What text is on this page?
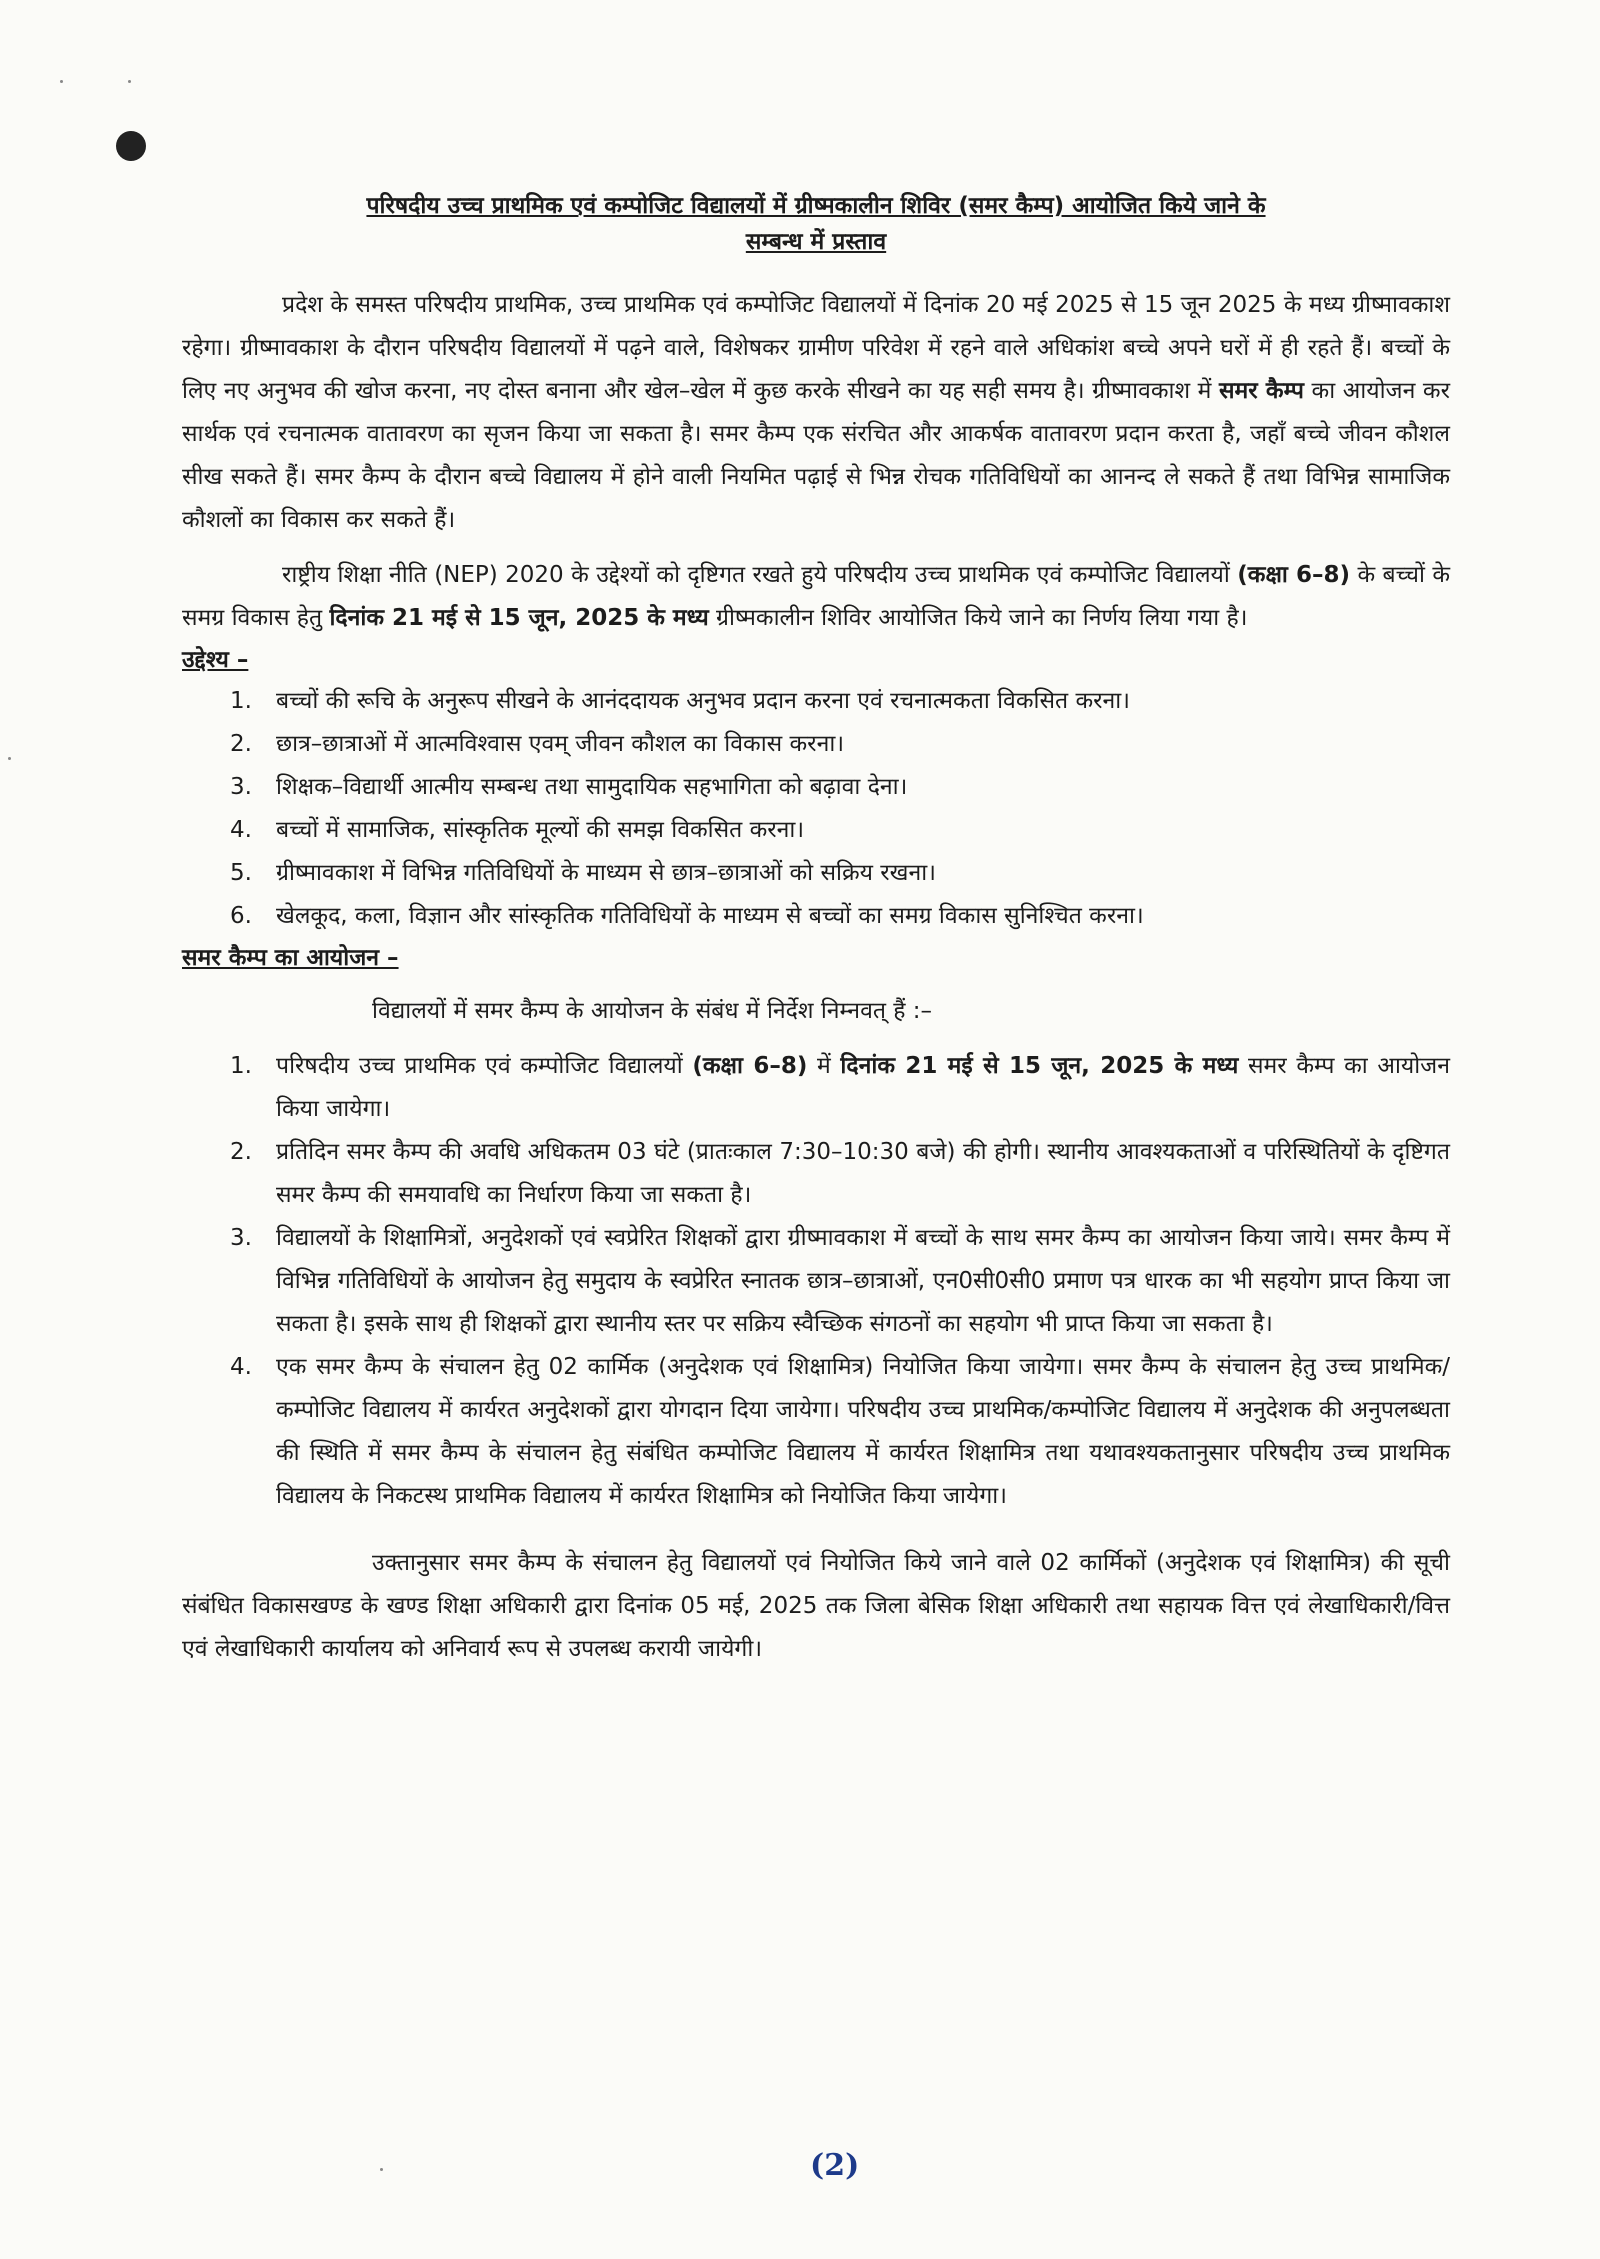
परिषदीय उच्च प्राथमिक एवं कम्पोजिट विद्यालयों में ग्रीष्मकालीन शिविर (समर कैम्प) आयोजित किये जाने के
सम्बन्ध में प्रस्ताव

प्रदेश के समस्त परिषदीय प्राथमिक, उच्च प्राथमिक एवं कम्पोजिट विद्यालयों में दिनांक 20 मई 2025 से 15 जून 2025 के मध्य ग्रीष्मावकाश रहेगा। ग्रीष्मावकाश के दौरान परिषदीय विद्यालयों में पढ़ने वाले, विशेषकर ग्रामीण परिवेश में रहने वाले अधिकांश बच्चे अपने घरों में ही रहते हैं। बच्चों के लिए नए अनुभव की खोज करना, नए दोस्त बनाना और खेल–खेल में कुछ करके सीखने का यह सही समय है। ग्रीष्मावकाश में समर कैम्प का आयोजन कर सार्थक एवं रचनात्मक वातावरण का सृजन किया जा सकता है। समर कैम्प एक संरचित और आकर्षक वातावरण प्रदान करता है, जहाँ बच्चे जीवन कौशल सीख सकते हैं। समर कैम्प के दौरान बच्चे विद्यालय में होने वाली नियमित पढ़ाई से भिन्न रोचक गतिविधियों का आनन्द ले सकते हैं तथा विभिन्न सामाजिक कौशलों का विकास कर सकते हैं।

राष्ट्रीय शिक्षा नीति (NEP) 2020 के उद्देश्यों को दृष्टिगत रखते हुये परिषदीय उच्च प्राथमिक एवं कम्पोजिट विद्यालयों (कक्षा 6–8) के बच्चों के समग्र विकास हेतु दिनांक 21 मई से 15 जून, 2025 के मध्य ग्रीष्मकालीन शिविर आयोजित किये जाने का निर्णय लिया गया है।

उद्देश्य –
1.	बच्चों की रूचि के अनुरूप सीखने के आनंददायक अनुभव प्रदान करना एवं रचनात्मकता विकसित करना।
2.	छात्र–छात्राओं में आत्मविश्वास एवम् जीवन कौशल का विकास करना।
3.	शिक्षक–विद्यार्थी आत्मीय सम्बन्ध तथा सामुदायिक सहभागिता को बढ़ावा देना।
4.	बच्चों में सामाजिक, सांस्कृतिक मूल्यों की समझ विकसित करना।
5.	ग्रीष्मावकाश में विभिन्न गतिविधियों के माध्यम से छात्र–छात्राओं को सक्रिय रखना।
6.	खेलकूद, कला, विज्ञान और सांस्कृतिक गतिविधियों के माध्यम से बच्चों का समग्र विकास सुनिश्चित करना।
समर कैम्प का आयोजन –

विद्यालयों में समर कैम्प के आयोजन के संबंध में निर्देश निम्नवत् हैं :–

1.	परिषदीय उच्च प्राथमिक एवं कम्पोजिट विद्यालयों (कक्षा 6–8) में दिनांक 21 मई से 15 जून, 2025 के मध्य समर कैम्प का आयोजन किया जायेगा।
2.	प्रतिदिन समर कैम्प की अवधि अधिकतम 03 घंटे (प्रातःकाल 7:30–10:30 बजे) की होगी। स्थानीय आवश्यकताओं व परिस्थितियों के दृष्टिगत समर कैम्प की समयावधि का निर्धारण किया जा सकता है।
3.	विद्यालयों के शिक्षामित्रों, अनुदेशकों एवं स्वप्रेरित शिक्षकों द्वारा ग्रीष्मावकाश में बच्चों के साथ समर कैम्प का आयोजन किया जाये। समर कैम्प में विभिन्न गतिविधियों के आयोजन हेतु समुदाय के स्वप्रेरित स्नातक छात्र–छात्राओं, एन0सी0सी0 प्रमाण पत्र धारक का भी सहयोग प्राप्त किया जा सकता है। इसके साथ ही शिक्षकों द्वारा स्थानीय स्तर पर सक्रिय स्वैच्छिक संगठनों का सहयोग भी प्राप्त किया जा सकता है।
4.	एक समर कैम्प के संचालन हेतु 02 कार्मिक (अनुदेशक एवं शिक्षामित्र) नियोजित किया जायेगा। समर कैम्प के संचालन हेतु उच्च प्राथमिक/कम्पोजिट विद्यालय में कार्यरत अनुदेशकों द्वारा योगदान दिया जायेगा। परिषदीय उच्च प्राथमिक/कम्पोजिट विद्यालय में अनुदेशक की अनुपलब्धता की स्थिति में समर कैम्प के संचालन हेतु संबंधित कम्पोजिट विद्यालय में कार्यरत शिक्षामित्र तथा यथावश्यकतानुसार परिषदीय उच्च प्राथमिक विद्यालय के निकटस्थ प्राथमिक विद्यालय में कार्यरत शिक्षामित्र को नियोजित किया जायेगा।

उक्तानुसार समर कैम्प के संचालन हेतु विद्यालयों एवं नियोजित किये जाने वाले 02 कार्मिकों (अनुदेशक एवं शिक्षामित्र) की सूची संबंधित विकासखण्ड के खण्ड शिक्षा अधिकारी द्वारा दिनांक 05 मई, 2025 तक जिला बेसिक शिक्षा अधिकारी तथा सहायक वित्त एवं लेखाधिकारी/वित्त एवं लेखाधिकारी कार्यालय को अनिवार्य रूप से उपलब्ध करायी जायेगी।

(2)
